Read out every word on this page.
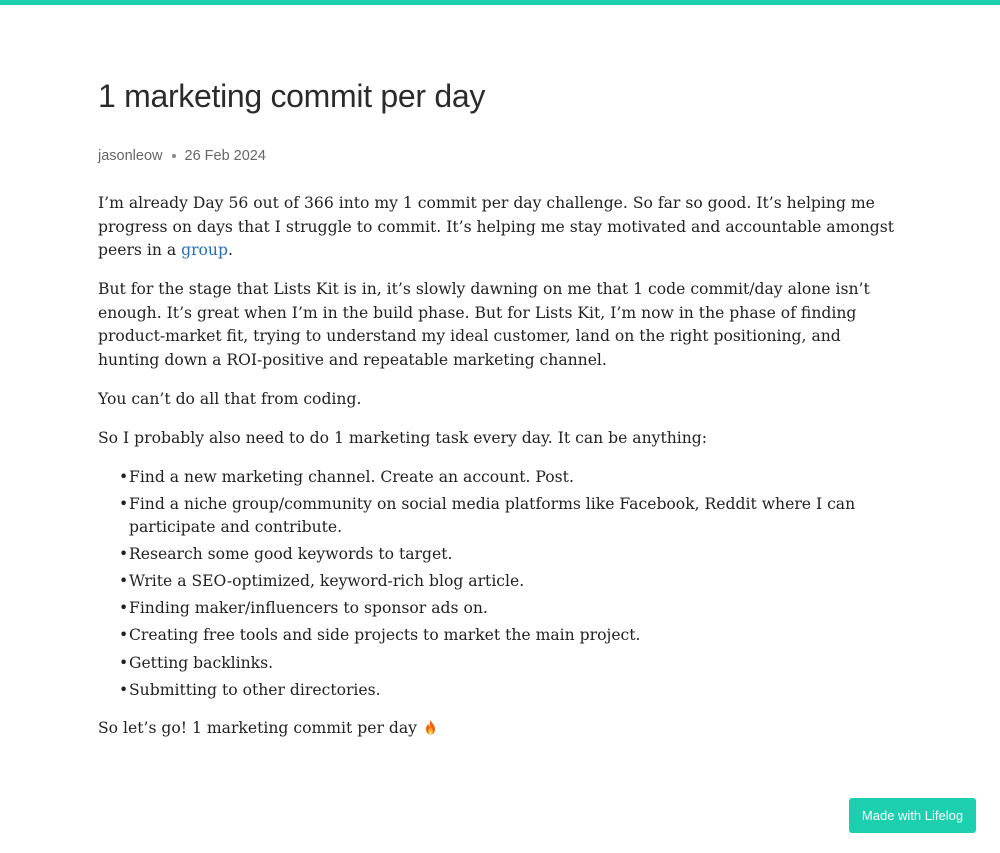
1 marketing commit per day
jasonleow 26 Feb 2024

I’m already Day 56 out of 366 into my 1 commit per day challenge. So far so good. It’s helping me progress on days that I struggle to commit. It’s helping me stay motivated and accountable amongst peers in a group.

But for the stage that Lists Kit is in, it’s slowly dawning on me that 1 code commit/day alone isn’t enough. It’s great when I’m in the build phase. But for Lists Kit, I’m now in the phase of finding product-market fit, trying to understand my ideal customer, land on the right positioning, and hunting down a ROI-positive and repeatable marketing channel.

You can’t do all that from coding.

So I probably also need to do 1 marketing task every day. It can be anything:

• Find a new marketing channel. Create an account. Post.
• Find a niche group/community on social media platforms like Facebook, Reddit where I can participate and contribute.
• Research some good keywords to target.
• Write a SEO-optimized, keyword-rich blog article.
• Finding maker/influencers to sponsor ads on.
• Creating free tools and side projects to market the main project.
• Getting backlinks.
• Submitting to other directories.

So let’s go! 1 marketing commit per day

Made with Lifelog
